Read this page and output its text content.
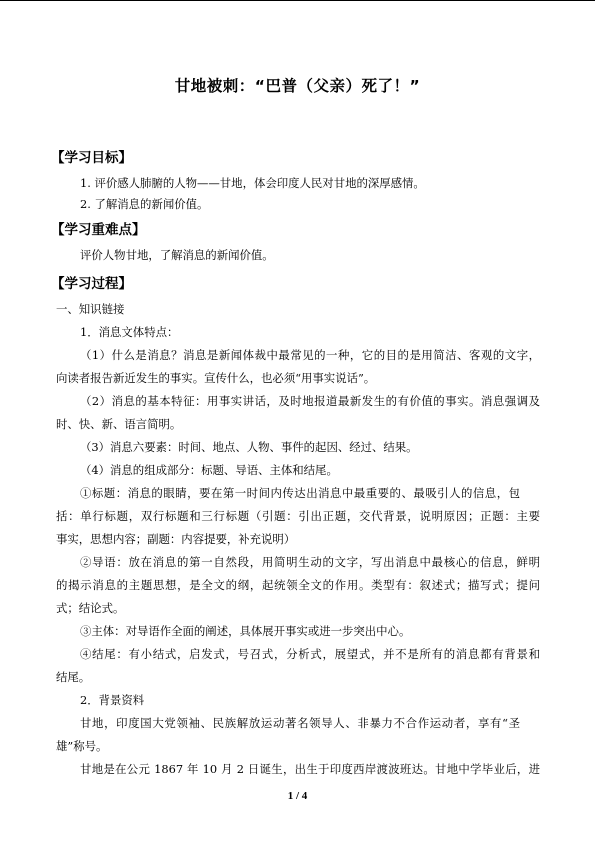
甘地被刺：“巴普（父亲）死了！”
【学习目标】
1. 评价感人肺腑的人物——甘地，体会印度人民对甘地的深厚感情。
2. 了解消息的新闻价值。
【学习重难点】
评价人物甘地，了解消息的新闻价值。
【学习过程】
一、知识链接
1．消息文体特点：
（1）什么是消息？消息是新闻体裁中最常见的一种，它的目的是用简洁、客观的文字，
向读者报告新近发生的事实。宣传什么，也必须“用事实说话”。
（2）消息的基本特征：用事实讲话，及时地报道最新发生的有价值的事实。消息强调及
时、快、新、语言简明。
（3）消息六要素：时间、地点、人物、事件的起因、经过、结果。
（4）消息的组成部分：标题、导语、主体和结尾。
①标题：消息的眼睛，要在第一时间内传达出消息中最重要的、最吸引人的信息，包
括：单行标题，双行标题和三行标题（引题：引出正题，交代背景，说明原因；正题：主要
事实，思想内容；副题：内容提要，补充说明）
②导语：放在消息的第一自然段，用简明生动的文字，写出消息中最核心的信息，鲜明
的揭示消息的主题思想，是全文的纲，起统领全文的作用。类型有：叙述式；描写式；提问
式；结论式。
③主体：对导语作全面的阐述，具体展开事实或进一步突出中心。
④结尾：有小结式，启发式，号召式，分析式，展望式，并不是所有的消息都有背景和
结尾。
2．背景资料
甘地，印度国大党领袖、民族解放运动著名领导人、非暴力不合作运动者，享有“圣
雄”称号。
甘地是在公元 1867 年 10 月 2 日诞生，出生于印度西岸渡波班达。甘地中学毕业后，进
1 / 4
